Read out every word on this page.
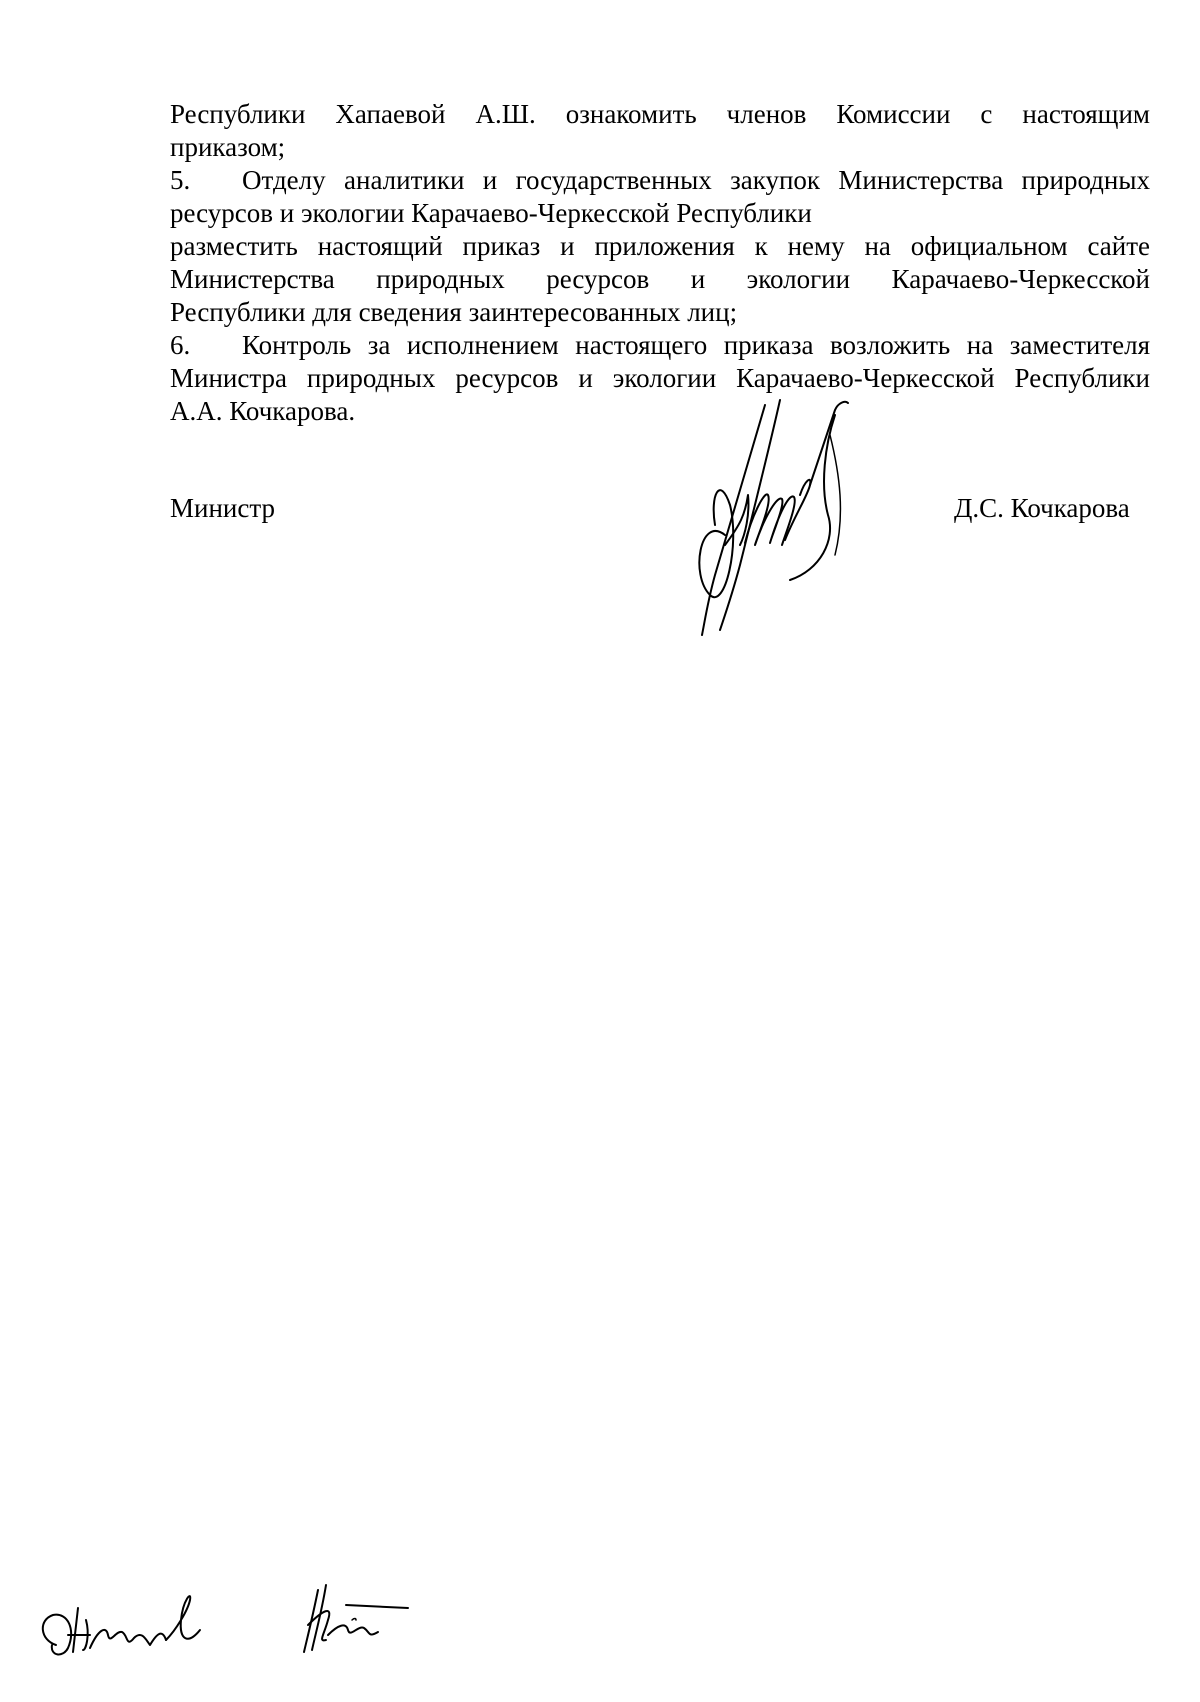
Республики Хапаевой А.Ш. ознакомить членов Комиссии с настоящим
приказом;
5.	Отделу аналитики и государственных закупок Министерства природных
ресурсов и экологии Карачаево-Черкесской Республики
разместить настоящий приказ и приложения к нему на официальном сайте
Министерства природных ресурсов и экологии Карачаево-Черкесской
Республики для сведения заинтересованных лиц;
6.	Контроль за исполнением настоящего приказа возложить на заместителя
Министра природных ресурсов и экологии Карачаево-Черкесской Республики
А.А. Кочкарова.
Министр	Д.С. Кочкарова
